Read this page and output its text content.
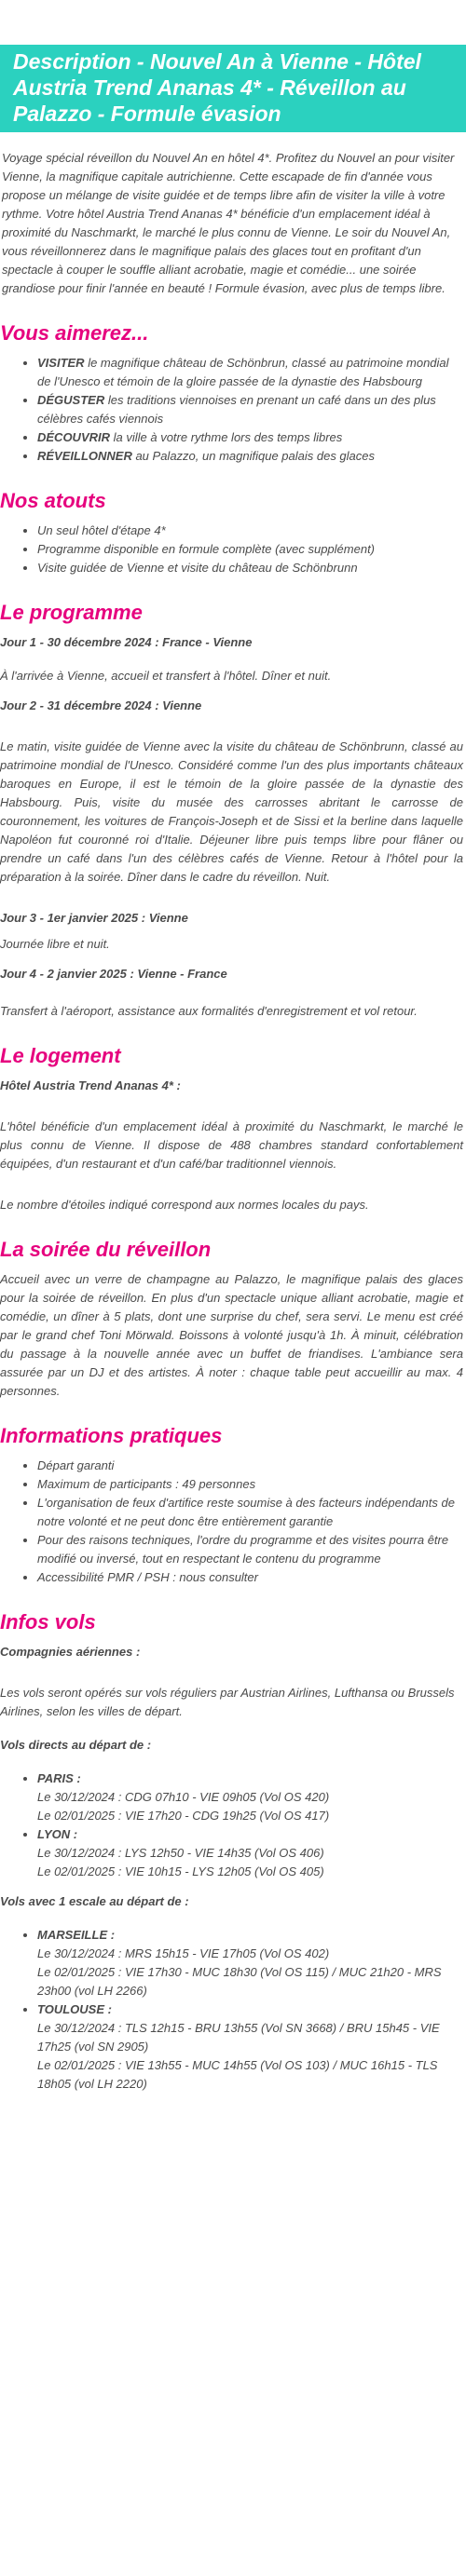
Description - Nouvel An à Vienne - Hôtel Austria Trend Ananas 4* - Réveillon au Palazzo - Formule évasion

Voyage spécial réveillon du Nouvel An en hôtel 4*. Profitez du Nouvel an pour visiter Vienne, la magnifique capitale autrichienne. Cette escapade de fin d'année vous propose un mélange de visite guidée et de temps libre afin de visiter la ville à votre rythme. Votre hôtel Austria Trend Ananas 4* bénéficie d'un emplacement idéal à proximité du Naschmarkt, le marché le plus connu de Vienne. Le soir du Nouvel An, vous réveillonnerez dans le magnifique palais des glaces tout en profitant d'un spectacle à couper le souffle alliant acrobatie, magie et comédie... une soirée grandiose pour finir l'année en beauté ! Formule évasion, avec plus de temps libre.

Vous aimerez...
• VISITER le magnifique château de Schönbrun, classé au patrimoine mondial de l'Unesco et témoin de la gloire passée de la dynastie des Habsbourg
• DÉGUSTER les traditions viennoises en prenant un café dans un des plus célèbres cafés viennois
• DÉCOUVRIR la ville à votre rythme lors des temps libres
• RÉVEILLONNER au Palazzo, un magnifique palais des glaces
Nos atouts
• Un seul hôtel d'étape 4*
• Programme disponible en formule complète (avec supplément)
• Visite guidée de Vienne et visite du château de Schönbrunn
Le programme

Jour 1 - 30 décembre 2024 : France - Vienne

À l'arrivée à Vienne, accueil et transfert à l'hôtel. Dîner et nuit.

Jour 2 - 31 décembre 2024 : Vienne

Le matin, visite guidée de Vienne avec la visite du château de Schönbrunn, classé au patrimoine mondial de l'Unesco. Considéré comme l'un des plus importants châteaux baroques en Europe, il est le témoin de la gloire passée de la dynastie des Habsbourg. Puis, visite du musée des carrosses abritant le carrosse de couronnement, les voitures de François-Joseph et de Sissi et la berline dans laquelle Napoléon fut couronné roi d'Italie. Déjeuner libre puis temps libre pour flâner ou prendre un café dans l'un des célèbres cafés de Vienne. Retour à l'hôtel pour la préparation à la soirée. Dîner dans le cadre du réveillon. Nuit.

Jour 3 - 1er janvier 2025 : Vienne

Journée libre et nuit.

Jour 4 - 2 janvier 2025 : Vienne - France

Transfert à l'aéroport, assistance aux formalités d'enregistrement et vol retour.

Le logement

Hôtel Austria Trend Ananas 4* :

L'hôtel bénéficie d'un emplacement idéal à proximité du Naschmarkt, le marché le plus connu de Vienne. Il dispose de 488 chambres standard confortablement équipées, d'un restaurant et d'un café/bar traditionnel viennois.

Le nombre d'étoiles indiqué correspond aux normes locales du pays.

La soirée du réveillon

Accueil avec un verre de champagne au Palazzo, le magnifique palais des glaces pour la soirée de réveillon. En plus d'un spectacle unique alliant acrobatie, magie et comédie, un dîner à 5 plats, dont une surprise du chef, sera servi. Le menu est créé par le grand chef Toni Mörwald. Boissons à volonté jusqu'à 1h. À minuit, célébration du passage à la nouvelle année avec un buffet de friandises. L'ambiance sera assurée par un DJ et des artistes. À noter : chaque table peut accueillir au max. 4 personnes.

Informations pratiques
• Départ garanti
• Maximum de participants : 49 personnes
• L'organisation de feux d'artifice reste soumise à des facteurs indépendants de notre volonté et ne peut donc être entièrement garantie
• Pour des raisons techniques, l'ordre du programme et des visites pourra être modifié ou inversé, tout en respectant le contenu du programme
• Accessibilité PMR / PSH : nous consulter
Infos vols

Compagnies aériennes :

Les vols seront opérés sur vols réguliers par Austrian Airlines, Lufthansa ou Brussels Airlines, selon les villes de départ.

Vols directs au départ de :

• PARIS :
Le 30/12/2024 : CDG 07h10 - VIE 09h05 (Vol OS 420)
Le 02/01/2025 : VIE 17h20 - CDG 19h25 (Vol OS 417)
• LYON :
Le 30/12/2024 : LYS 12h50 - VIE 14h35 (Vol OS 406)
Le 02/01/2025 : VIE 10h15 - LYS 12h05 (Vol OS 405)

Vols avec 1 escale au départ de :

• MARSEILLE :
Le 30/12/2024 : MRS 15h15 - VIE 17h05 (Vol OS 402)
Le 02/01/2025 : VIE 17h30 - MUC 18h30 (Vol OS 115) / MUC 21h20 - MRS 23h00 (vol LH 2266)
• TOULOUSE :
Le 30/12/2024 : TLS 12h15 - BRU 13h55 (Vol SN 3668) / BRU 15h45 - VIE 17h25 (vol SN 2905)
Le 02/01/2025 : VIE 13h55 - MUC 14h55 (Vol OS 103) / MUC 16h15 - TLS 18h05 (vol LH 2220)
